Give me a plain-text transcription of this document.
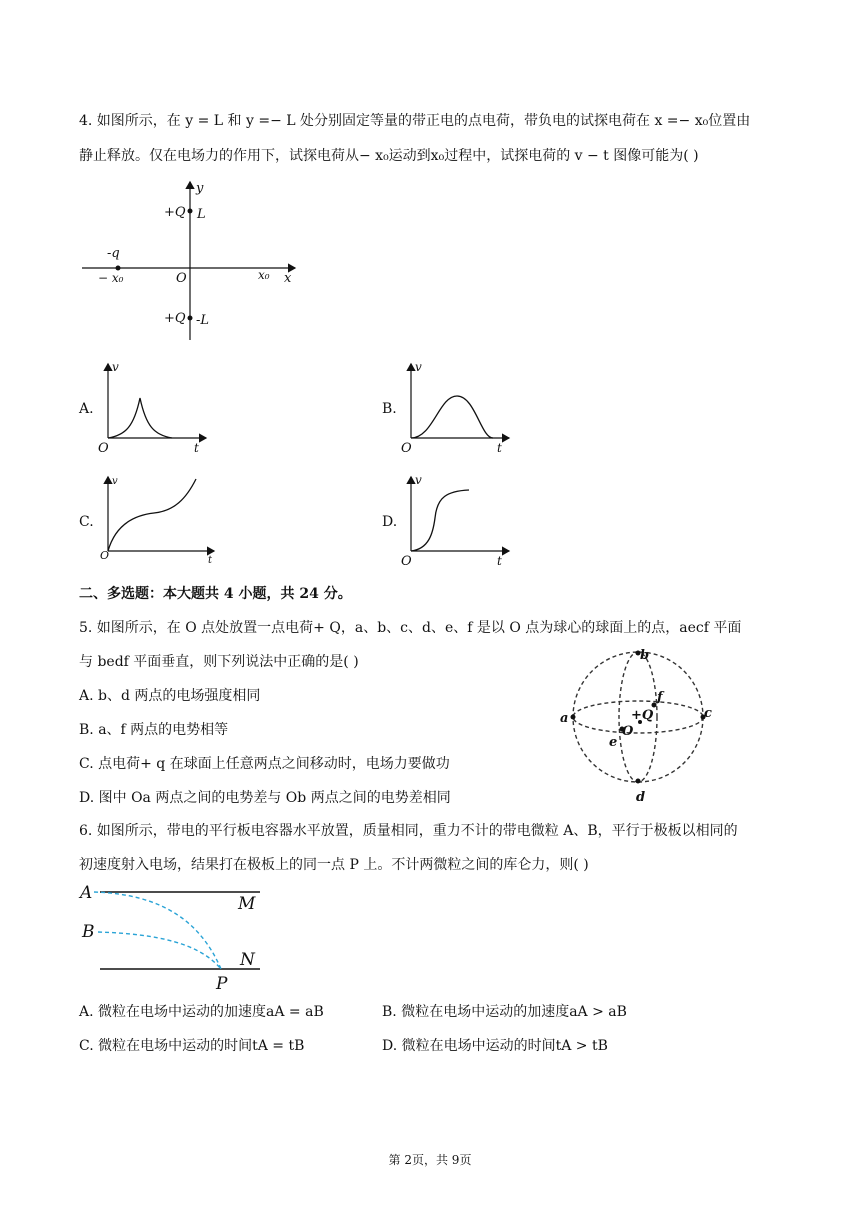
4. 如图所示，在 y = L 和 y =− L 处分别固定等量的带正电的点电荷，带负电的试探电荷在 x =− x₀位置由
静止释放。仅在电场力的作用下，试探电荷从− x₀运动到x₀过程中，试探电荷的 v − t 图像可能为( )
y
x
O
+Q L
+Q -L
-q
− x₀	x₀
A.
v
t
O
B.
v
t
O
C.
v
t
O
D.
v
t
O
二、多选题：本大题共 4 小题，共 24 分。
5. 如图所示，在 O 点处放置一点电荷+ Q，a、b、c、d、e、f 是以 O 点为球心的球面上的点，aecf 平面
与 bedf 平面垂直，则下列说法中正确的是( )
A. b、d 两点的电场强度相同
B. a、f 两点的电势相等
C. 点电荷+ q 在球面上任意两点之间移动时，电场力要做功
D. 图中 Oa 两点之间的电势差与 Ob 两点之间的电势差相同
b
d
a	c
e
f
+Q
O
6. 如图所示，带电的平行板电容器水平放置，质量相同，重力不计的带电微粒 A、B，平行于极板以相同的
初速度射入电场，结果打在极板上的同一点 P 上。不计两微粒之间的库仑力，则( )
A
B
M
N
P
A. 微粒在电场中运动的加速度aA = aB	B. 微粒在电场中运动的加速度aA > aB
C. 微粒在电场中运动的时间tA = tB	D. 微粒在电场中运动的时间tA > tB
第 2页，共 9页
